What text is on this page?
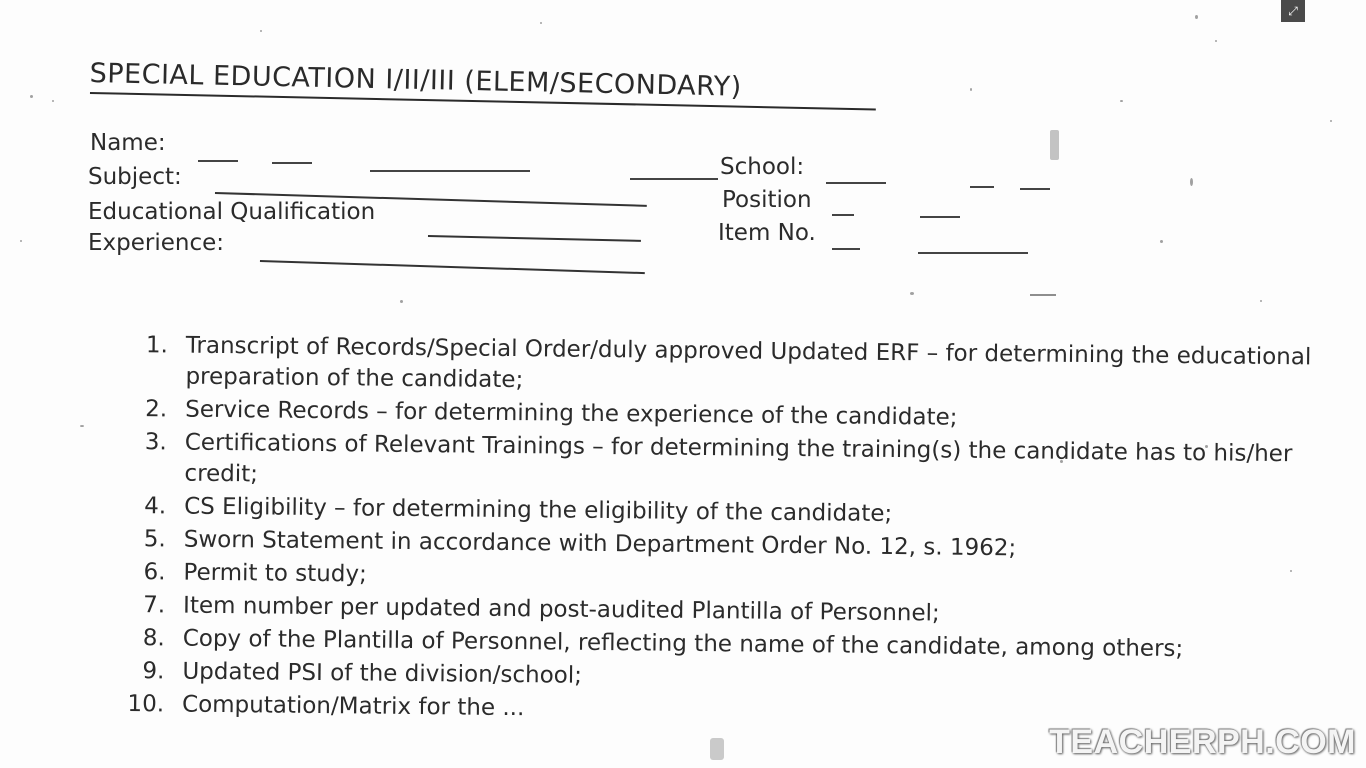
SPECIAL EDUCATION I/II/III (ELEM/SECONDARY)
Name:
Subject:
Educational Qualification
Experience:
School:
Position
Item No.
1. Transcript of Records/Special Order/duly approved Updated ERF – for determining the educational preparation of the candidate;
2. Service Records – for determining the experience of the candidate;
3. Certifications of Relevant Trainings – for determining the training(s) the candidate has to his/her credit;
4. CS Eligibility – for determining the eligibility of the candidate;
5. Sworn Statement in accordance with Department Order No. 12, s. 1962;
6. Permit to study;
7. Item number per updated and post-audited Plantilla of Personnel;
8. Copy of the Plantilla of Personnel, reflecting the name of the candidate, among others;
9. Updated PSI of the division/school;
10. Computation/Matrix for the ...
TEACHERPH.COM
⤢
